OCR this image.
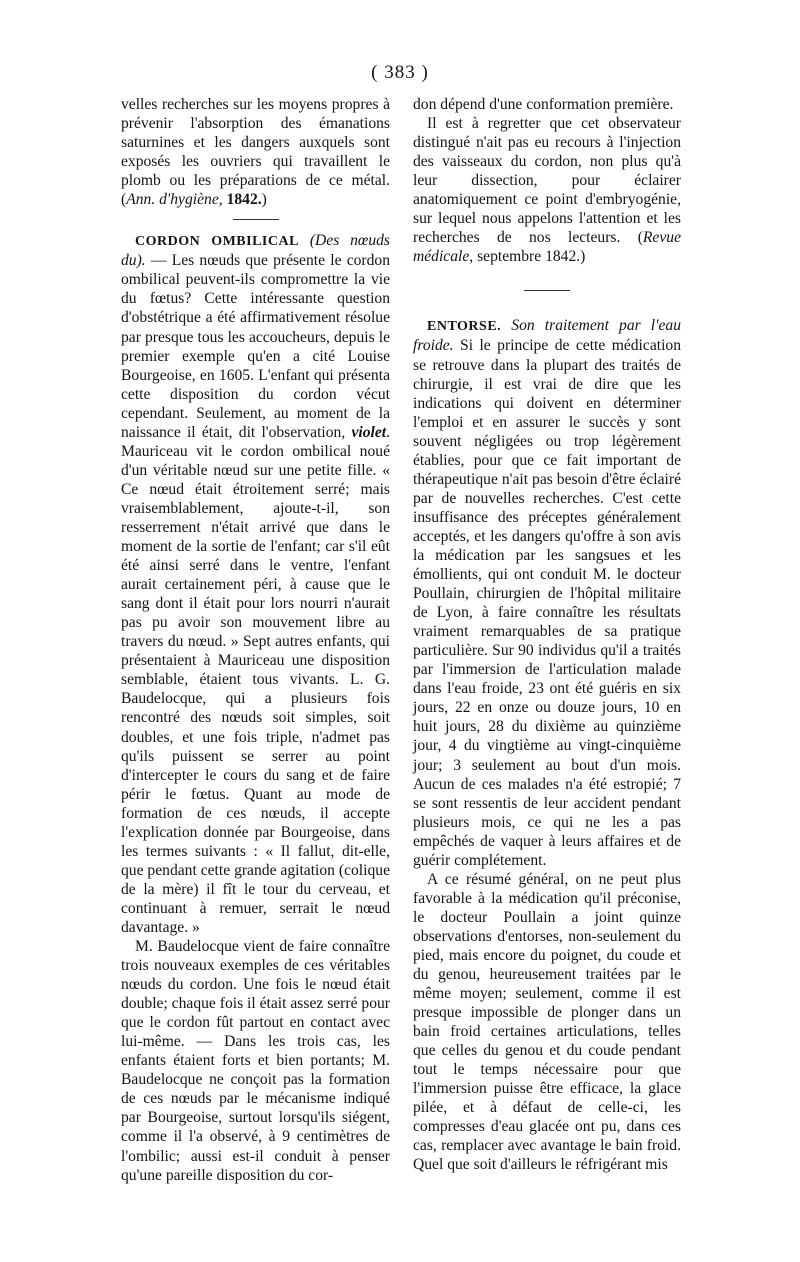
( 383 )

velles recherches sur les moyens propres à prévenir l'absorption des émanations saturnines et les dangers auxquels sont exposés les ouvriers qui travaillent le plomb ou les préparations de ce métal. (Ann. d'hygiène, 1842.)

CORDON OMBILICAL (Des nœuds du). — Les nœuds que présente le cordon ombilical peuvent-ils compromettre la vie du fœtus? Cette intéressante question d'obstétrique a été affirmativement résolue par presque tous les accoucheurs, depuis le premier exemple qu'en a cité Louise Bourgeoise, en 1605. L'enfant qui présenta cette disposition du cordon vécut cependant. Seulement, au moment de la naissance il était, dit l'observation, violet. Mauriceau vit le cordon ombilical noué d'un véritable nœud sur une petite fille. « Ce nœud était étroitement serré; mais vraisemblablement, ajoute-t-il, son resserrement n'était arrivé que dans le moment de la sortie de l'enfant; car s'il eût été ainsi serré dans le ventre, l'enfant aurait certainement péri, à cause que le sang dont il était pour lors nourri n'aurait pas pu avoir son mouvement libre au travers du nœud. » Sept autres enfants, qui présentaient à Mauriceau une disposition semblable, étaient tous vivants. L. G. Baudelocque, qui a plusieurs fois rencontré des nœuds soit simples, soit doubles, et une fois triple, n'admet pas qu'ils puissent se serrer au point d'intercepter le cours du sang et de faire périr le fœtus. Quant au mode de formation de ces nœuds, il accepte l'explication donnée par Bourgeoise, dans les termes suivants : « Il fallut, dit-elle, que pendant cette grande agitation (colique de la mère) il fît le tour du cerveau, et continuant à remuer, serrait le nœud davantage. »

M. Baudelocque vient de faire connaître trois nouveaux exemples de ces véritables nœuds du cordon. Une fois le nœud était double; chaque fois il était assez serré pour que le cordon fût partout en contact avec lui-même. — Dans les trois cas, les enfants étaient forts et bien portants; M. Baudelocque ne conçoit pas la formation de ces nœuds par le mécanisme indiqué par Bourgeoise, surtout lorsqu'ils siégent, comme il l'a observé, à 9 centimètres de l'ombilic; aussi est-il conduit à penser qu'une pareille disposition du cor-

don dépend d'une conformation première.

Il est à regretter que cet observateur distingué n'ait pas eu recours à l'injection des vaisseaux du cordon, non plus qu'à leur dissection, pour éclairer anatomiquement ce point d'embryogénie, sur lequel nous appelons l'attention et les recherches de nos lecteurs. (Revue médicale, septembre 1842.)

ENTORSE. Son traitement par l'eau froide. Si le principe de cette médication se retrouve dans la plupart des traités de chirurgie, il est vrai de dire que les indications qui doivent en déterminer l'emploi et en assurer le succès y sont souvent négligées ou trop légèrement établies, pour que ce fait important de thérapeutique n'ait pas besoin d'être éclairé par de nouvelles recherches. C'est cette insuffisance des préceptes généralement acceptés, et les dangers qu'offre à son avis la médication par les sangsues et les émollients, qui ont conduit M. le docteur Poullain, chirurgien de l'hôpital militaire de Lyon, à faire connaître les résultats vraiment remarquables de sa pratique particulière. Sur 90 individus qu'il a traités par l'immersion de l'articulation malade dans l'eau froide, 23 ont été guéris en six jours, 22 en onze ou douze jours, 10 en huit jours, 28 du dixième au quinzième jour, 4 du vingtième au vingt-cinquième jour; 3 seulement au bout d'un mois. Aucun de ces malades n'a été estropié; 7 se sont ressentis de leur accident pendant plusieurs mois, ce qui ne les a pas empêchés de vaquer à leurs affaires et de guérir complétement.

A ce résumé général, on ne peut plus favorable à la médication qu'il préconise, le docteur Poullain a joint quinze observations d'entorses, non-seulement du pied, mais encore du poignet, du coude et du genou, heureusement traitées par le même moyen; seulement, comme il est presque impossible de plonger dans un bain froid certaines articulations, telles que celles du genou et du coude pendant tout le temps nécessaire pour que l'immersion puisse être efficace, la glace pilée, et à défaut de celle-ci, les compresses d'eau glacée ont pu, dans ces cas, remplacer avec avantage le bain froid. Quel que soit d'ailleurs le réfrigérant mis
